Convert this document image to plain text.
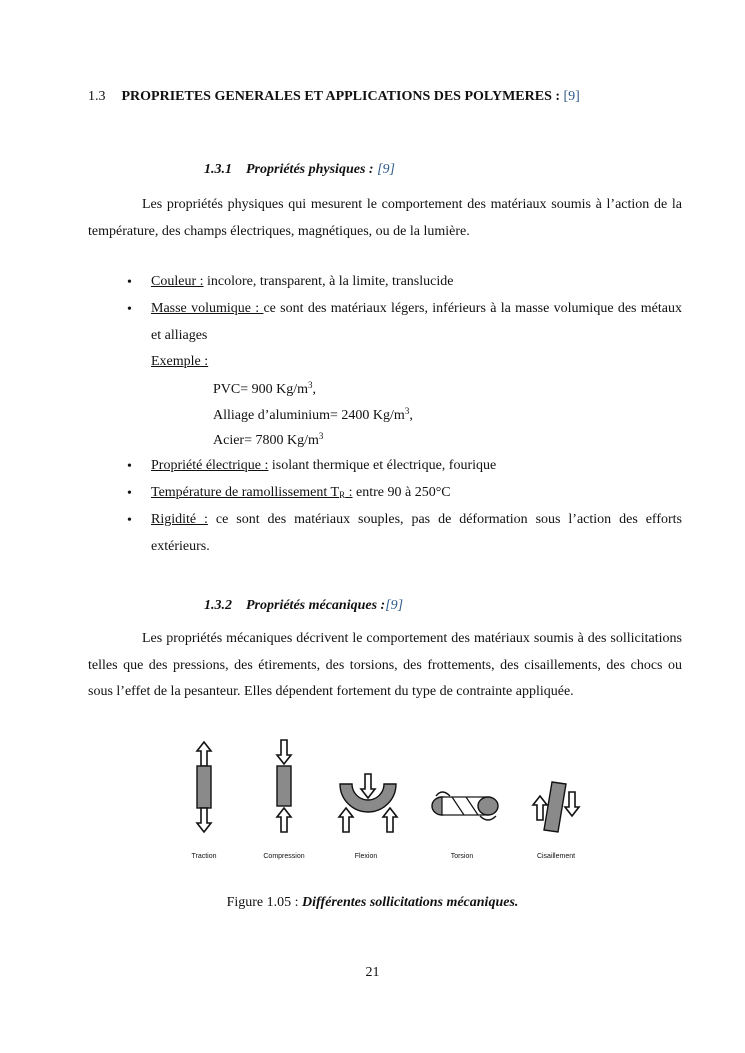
1.3 PROPRIETES GENERALES ET APPLICATIONS DES POLYMERES : [9]
1.3.1 Propriétés physiques : [9]
Les propriétés physiques qui mesurent le comportement des matériaux soumis à l’action de la température, des champs électriques, magnétiques, ou de la lumière.
• Couleur : incolore, transparent, à la limite, translucide
• Masse volumique : ce sont des matériaux légers, inférieurs à la masse volumique des métaux et alliages
Exemple :
PVC= 900 $Kg/m^3$,
Alliage d’aluminium= 2400 $Kg/m^3$,
Acier= 7800 $Kg/m^3$
• Propriété électrique : isolant thermique et électrique, fourique
• Température de ramollissement $T_R$ : entre 90 à 250°C
• Rigidité : ce sont des matériaux souples, pas de déformation sous l’action des efforts extérieurs.
1.3.2 Propriétés mécaniques :[9]
Les propriétés mécaniques décrivent le comportement des matériaux soumis à des sollicitations telles que des pressions, des étirements, des torsions, des frottements, des cisaillements, des chocs ou sous l’effet de la pesanteur. Elles dépendent fortement du type de contrainte appliquée.
Traction	Compression	Flexion	Torsion	Cisaillement
Figure 1.05 : Différentes sollicitations mécaniques.
21
